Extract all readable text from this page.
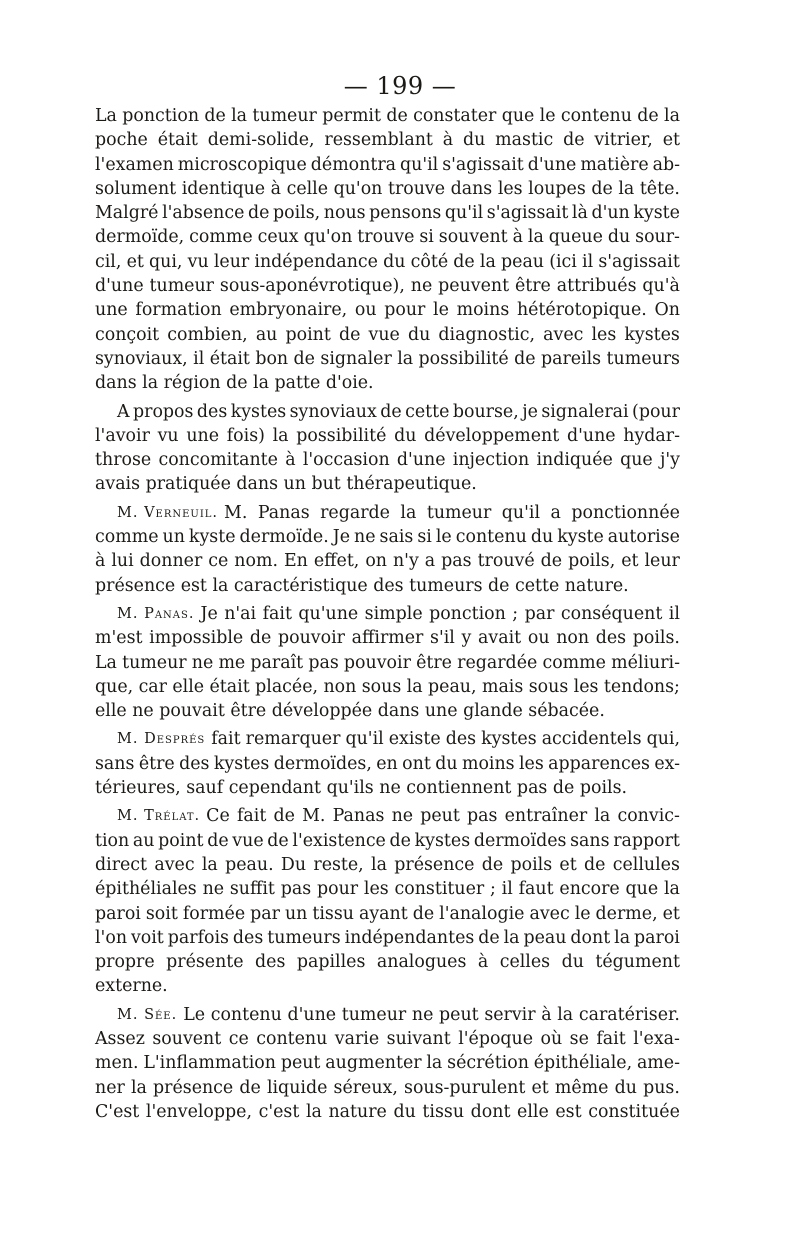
— 199 —
La ponction de la tumeur permit de constater que le contenu de la
poche était demi-solide, ressemblant à du mastic de vitrier, et
l'examen microscopique démontra qu'il s'agissait d'une matière ab-
solument identique à celle qu'on trouve dans les loupes de la tête.
Malgré l'absence de poils, nous pensons qu'il s'agissait là d'un kyste
dermoïde, comme ceux qu'on trouve si souvent à la queue du sour-
cil, et qui, vu leur indépendance du côté de la peau (ici il s'agissait
d'une tumeur sous-aponévrotique), ne peuvent être attribués qu'à
une formation embryonaire, ou pour le moins hétérotopique. On
conçoit combien, au point de vue du diagnostic, avec les kystes
synoviaux, il était bon de signaler la possibilité de pareils tumeurs
dans la région de la patte d'oie.
A propos des kystes synoviaux de cette bourse, je signalerai (pour
l'avoir vu une fois) la possibilité du développement d'une hydar-
throse concomitante à l'occasion d'une injection indiquée que j'y
avais pratiquée dans un but thérapeutique.
M. Verneuil. M. Panas regarde la tumeur qu'il a ponctionnée
comme un kyste dermoïde. Je ne sais si le contenu du kyste autorise
à lui donner ce nom. En effet, on n'y a pas trouvé de poils, et leur
présence est la caractéristique des tumeurs de cette nature.
M. Panas. Je n'ai fait qu'une simple ponction ; par conséquent il
m'est impossible de pouvoir affirmer s'il y avait ou non des poils.
La tumeur ne me paraît pas pouvoir être regardée comme méliuri-
que, car elle était placée, non sous la peau, mais sous les tendons;
elle ne pouvait être développée dans une glande sébacée.
M. Després fait remarquer qu'il existe des kystes accidentels qui,
sans être des kystes dermoïdes, en ont du moins les apparences ex-
térieures, sauf cependant qu'ils ne contiennent pas de poils.
M. Trélat. Ce fait de M. Panas ne peut pas entraîner la convic-
tion au point de vue de l'existence de kystes dermoïdes sans rapport
direct avec la peau. Du reste, la présence de poils et de cellules
épithéliales ne suffit pas pour les constituer ; il faut encore que la
paroi soit formée par un tissu ayant de l'analogie avec le derme, et
l'on voit parfois des tumeurs indépendantes de la peau dont la paroi
propre présente des papilles analogues à celles du tégument
externe.
M. Sée. Le contenu d'une tumeur ne peut servir à la caratériser.
Assez souvent ce contenu varie suivant l'époque où se fait l'exa-
men. L'inflammation peut augmenter la sécrétion épithéliale, ame-
ner la présence de liquide séreux, sous-purulent et même du pus.
C'est l'enveloppe, c'est la nature du tissu dont elle est constituée
